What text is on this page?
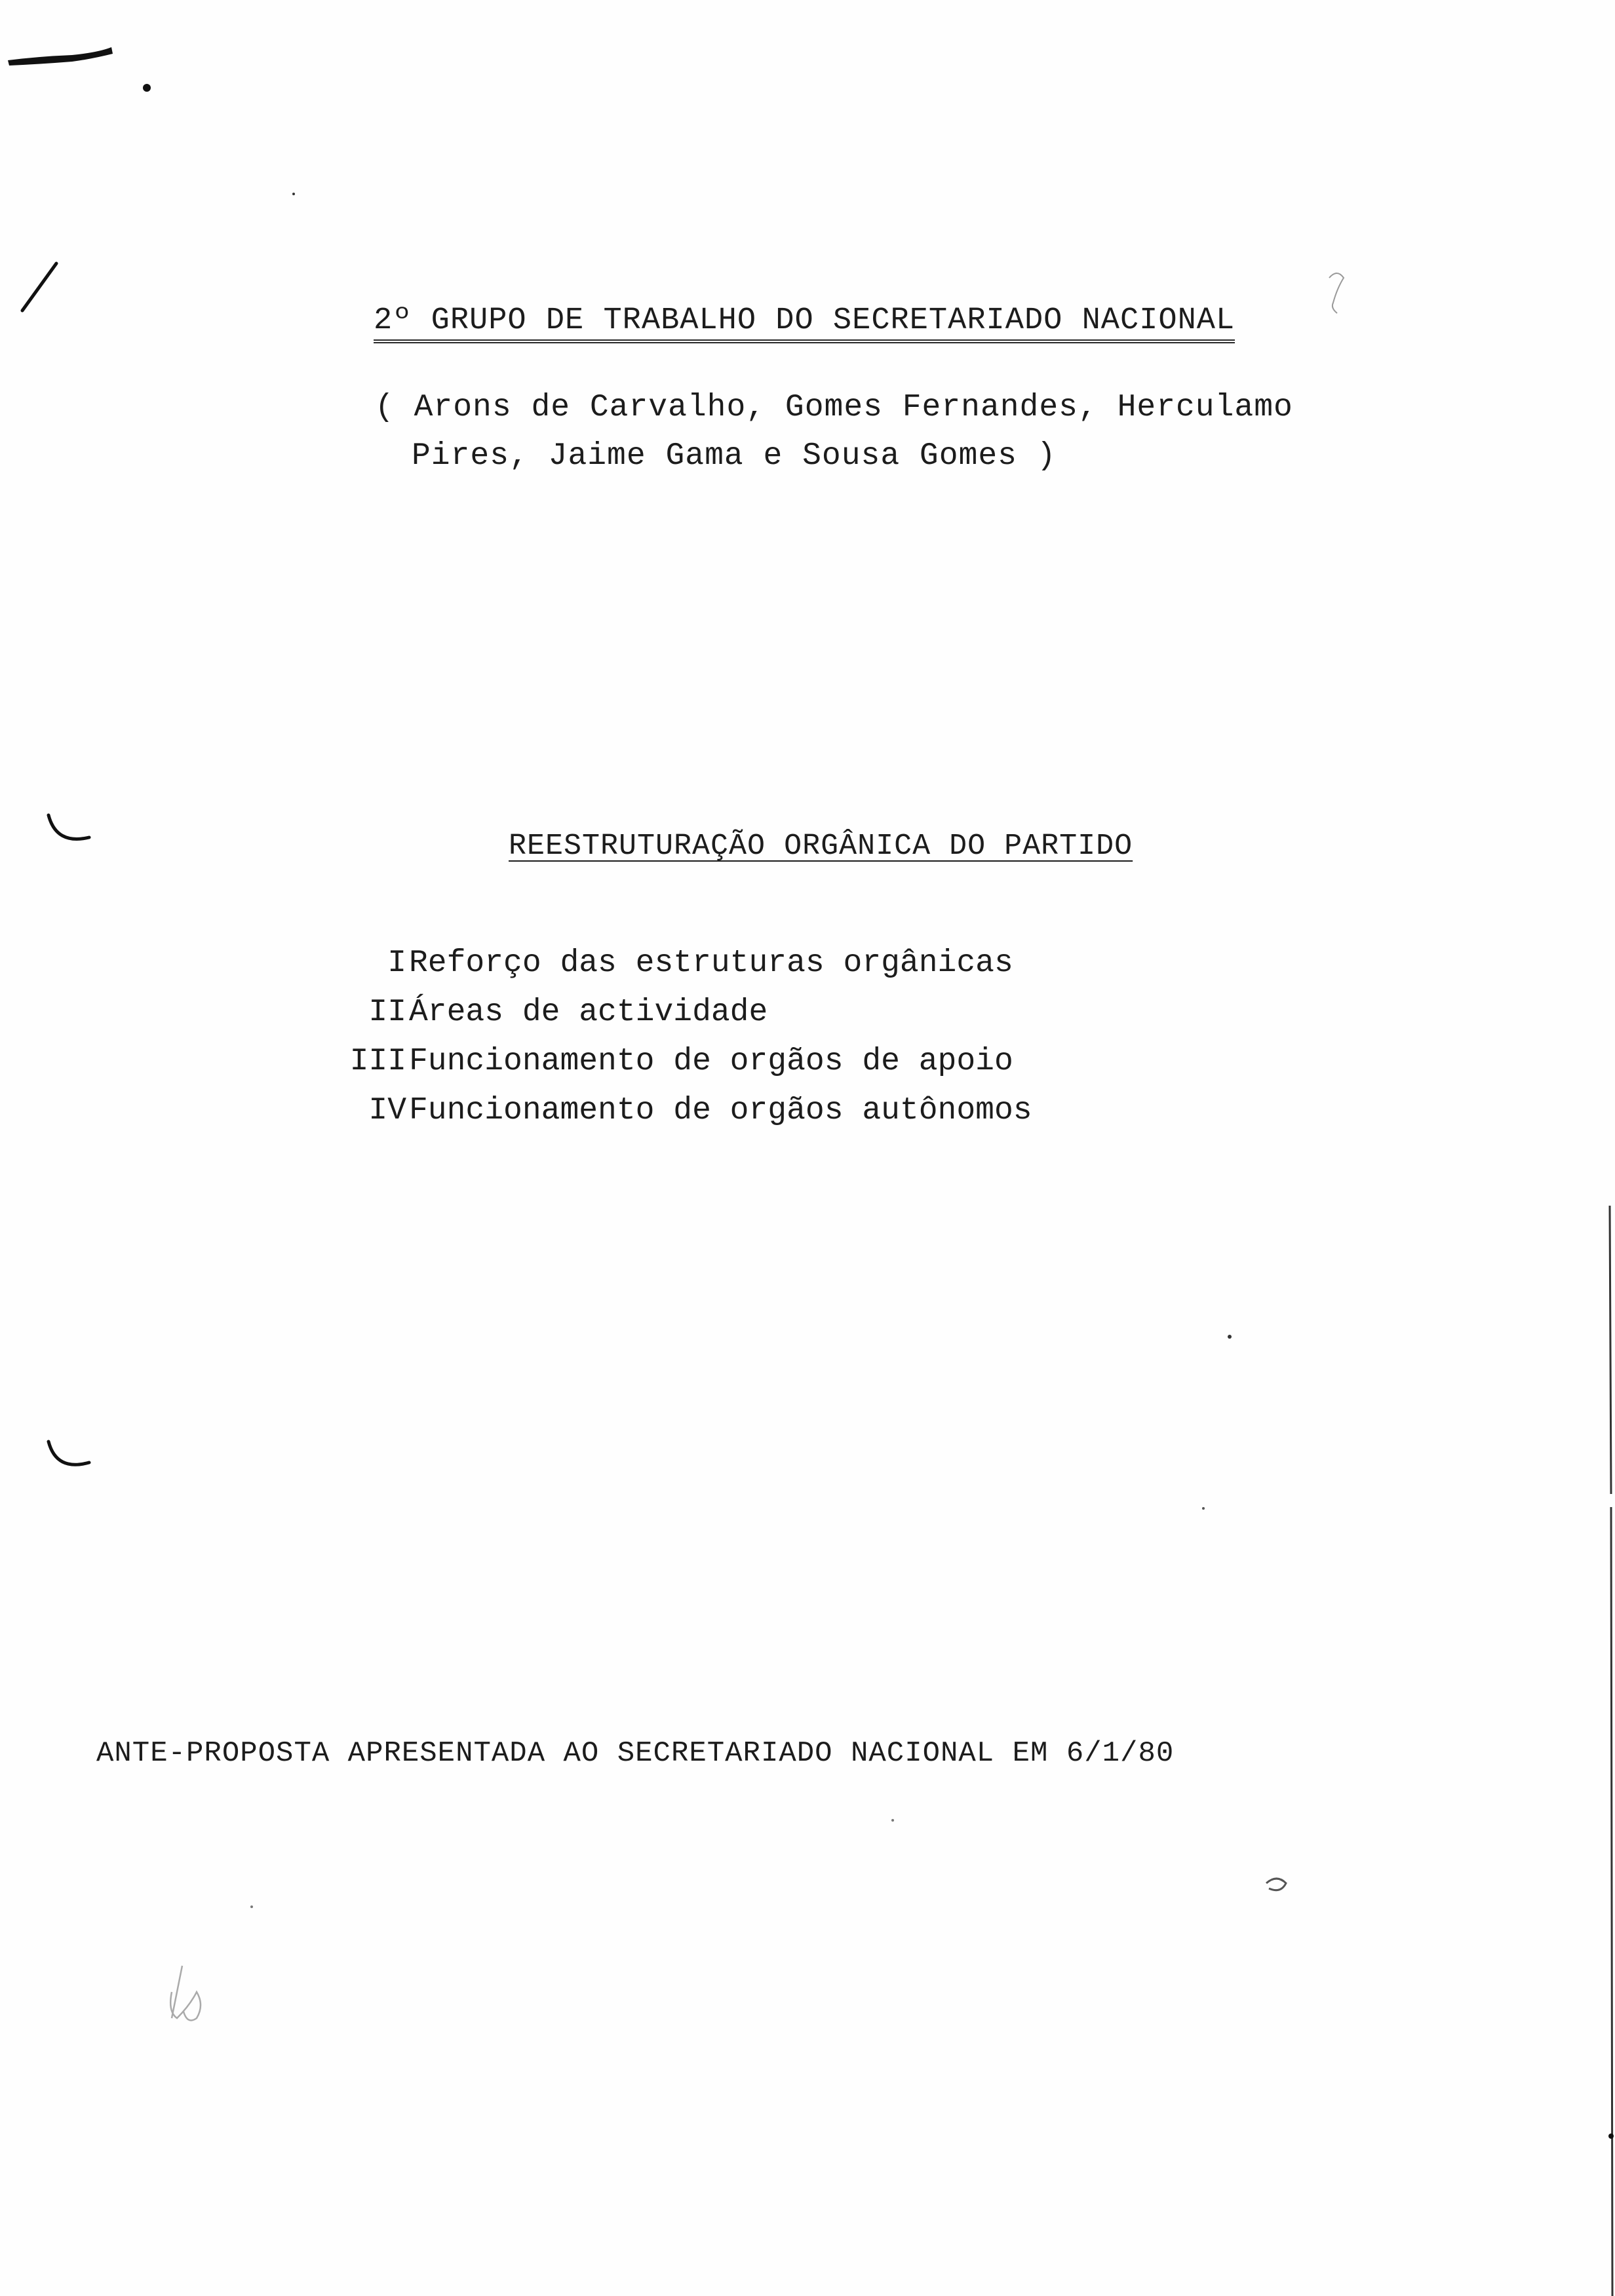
2º GRUPO DE TRABALHO DO SECRETARIADO NACIONAL
( Arons de Carvalho, Gomes Fernandes, Herculamo
Pires, Jaime Gama e Sousa Gomes )
REESTRUTURAÇÃO ORGÂNICA DO PARTIDO
I Reforço das estruturas orgânicas
II Áreas de actividade
III Funcionamento de orgãos de apoio
IV Funcionamento de orgãos autônomos
ANTE-PROPOSTA APRESENTADA AO SECRETARIADO NACIONAL EM 6/1/80
